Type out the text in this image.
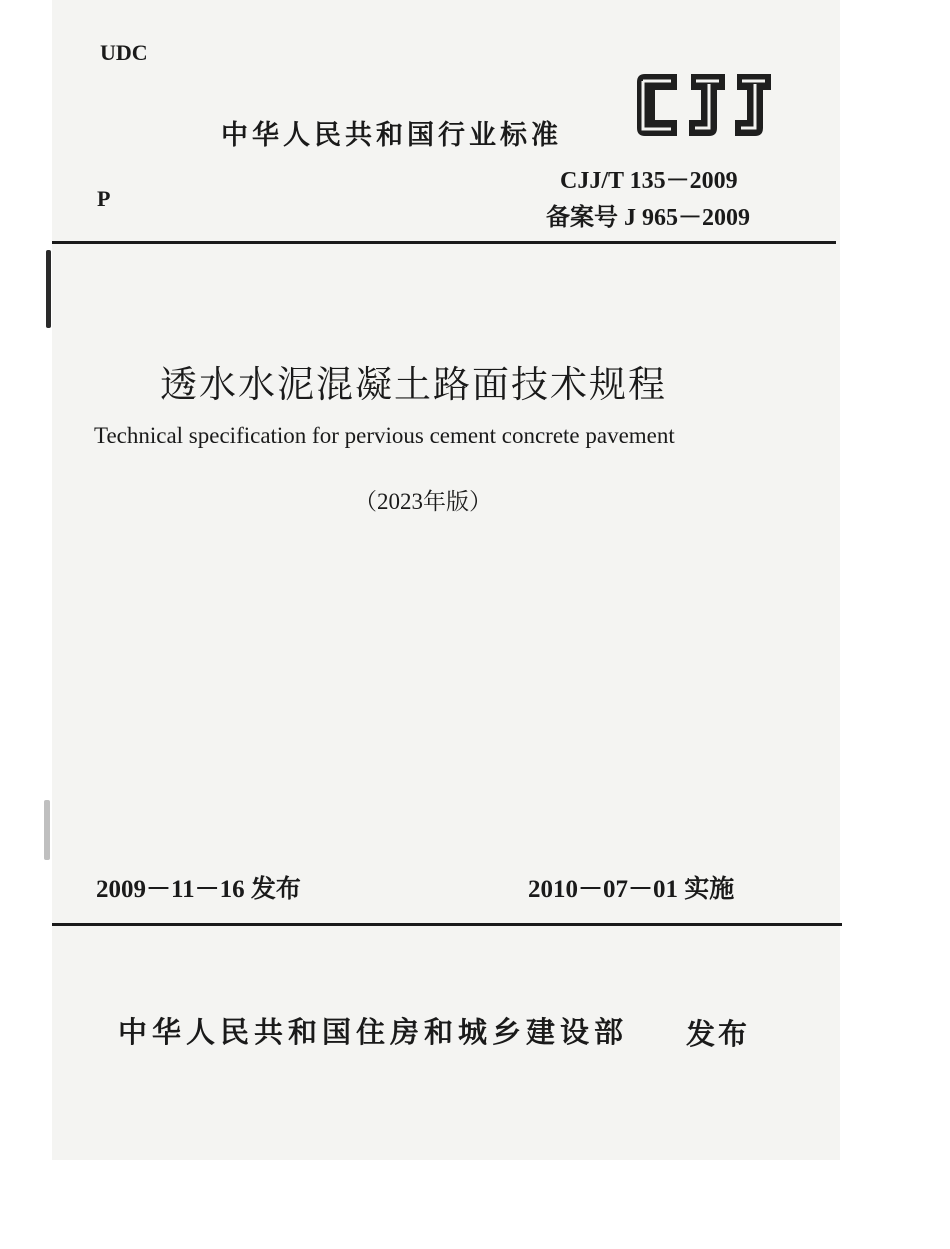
UDC
P
中华人民共和国行业标准
CJJ/T 135－2009
备案号 J 965－2009
透水水泥混凝土路面技术规程
Technical specification for pervious cement concrete pavement
（2023年版）
2009－11－16 发布	2010－07－01 实施
中华人民共和国住房和城乡建设部 发布
